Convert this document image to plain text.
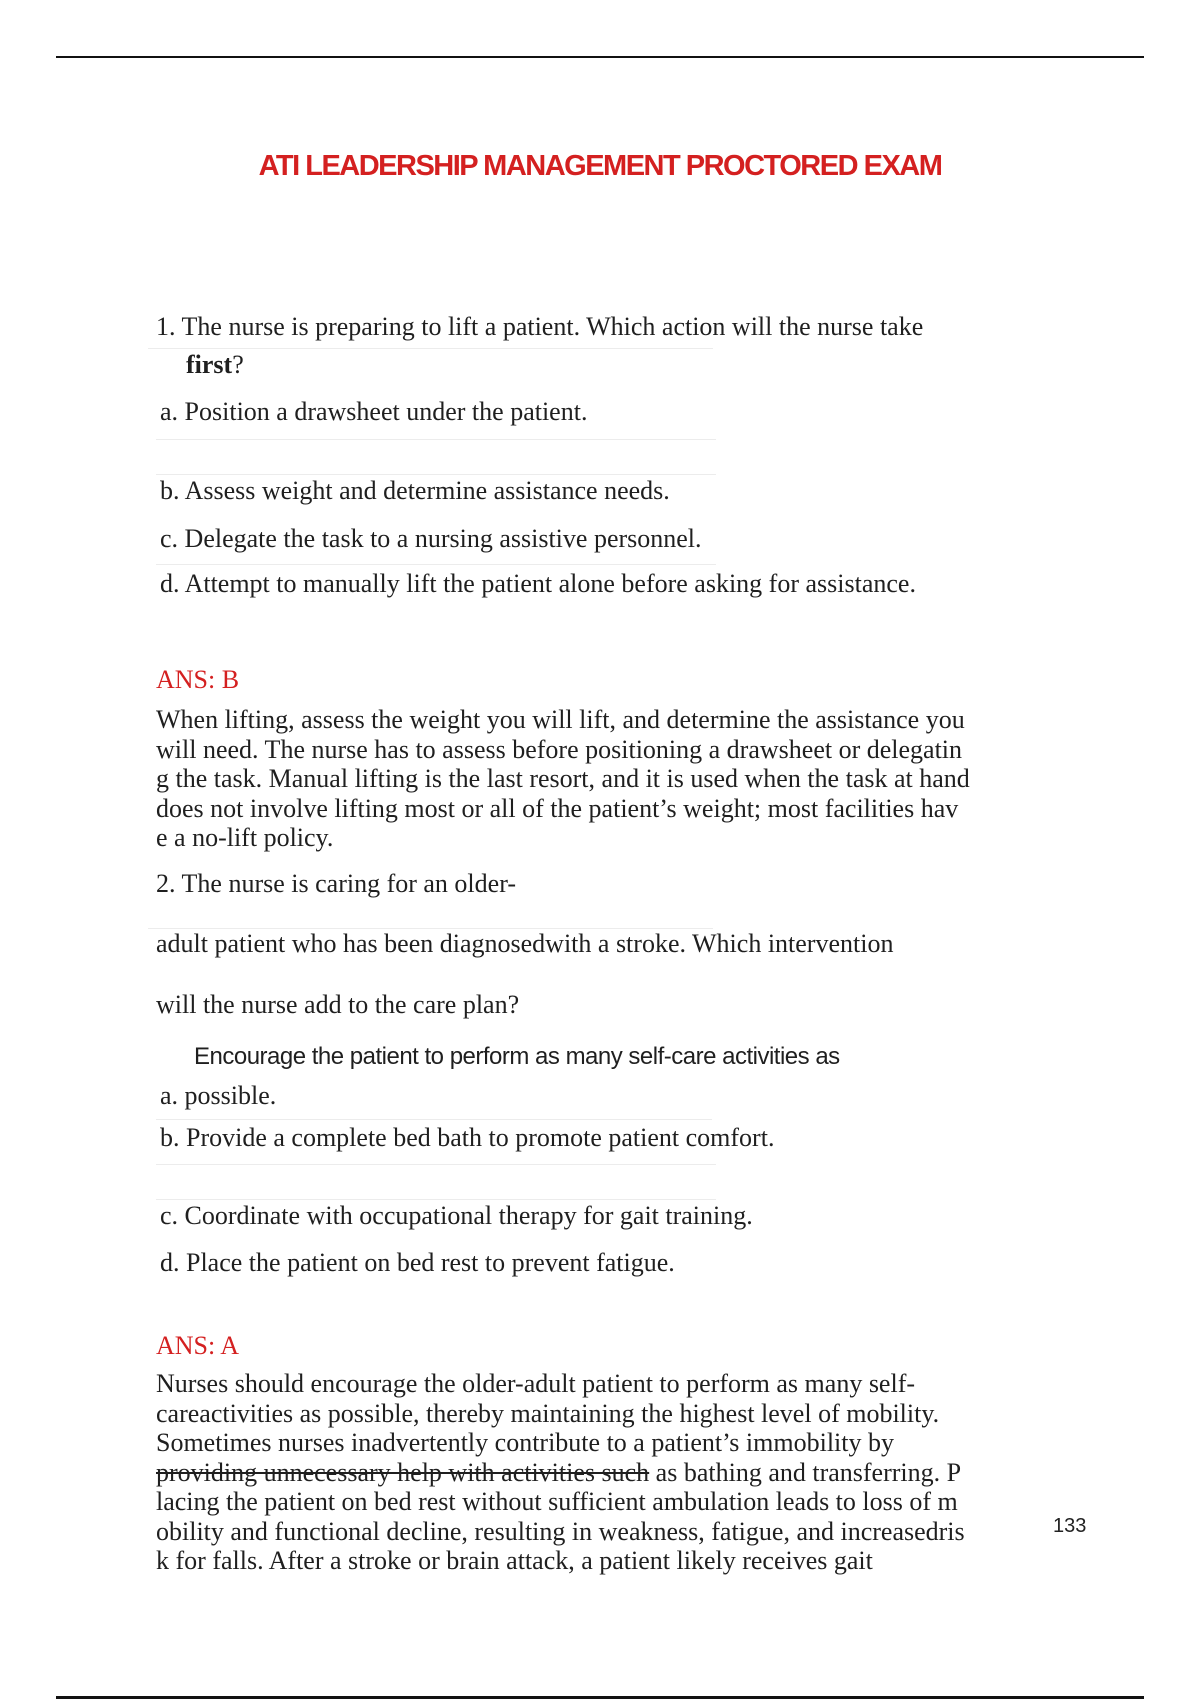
ATI LEADERSHIP MANAGEMENT PROCTORED EXAM
1. The nurse is preparing to lift a patient. Which action will the nurse take
first?
a. Position a drawsheet under the patient.
b. Assess weight and determine assistance needs.
c. Delegate the task to a nursing assistive personnel.
d. Attempt to manually lift the patient alone before asking for assistance.
ANS: B
When lifting, assess the weight you will lift, and determine the assistance you
will need. The nurse has to assess before positioning a drawsheet or delegatin
g the task. Manual lifting is the last resort, and it is used when the task at hand
does not involve lifting most or all of the patient’s weight; most facilities hav
e a no-lift policy.
2. The nurse is caring for an older-
adult patient who has been diagnosedwith a stroke. Which intervention
will the nurse add to the care plan?
Encourage the patient to perform as many self-care activities as
a. possible.
b. Provide a complete bed bath to promote patient comfort.
c. Coordinate with occupational therapy for gait training.
d. Place the patient on bed rest to prevent fatigue.
ANS: A
Nurses should encourage the older-adult patient to perform as many self-
careactivities as possible, thereby maintaining the highest level of mobility.
Sometimes nurses inadvertently contribute to a patient’s immobility by
providing unnecessary help with activities such as bathing and transferring. P
lacing the patient on bed rest without sufficient ambulation leads to loss of m
obility and functional decline, resulting in weakness, fatigue, and increasedris
k for falls. After a stroke or brain attack, a patient likely receives gait
133
